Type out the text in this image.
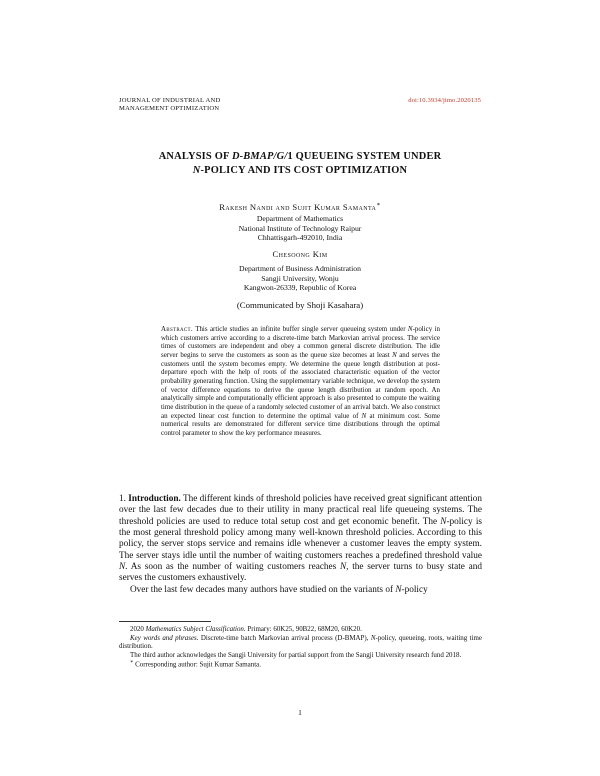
JOURNAL OF INDUSTRIAL AND
MANAGEMENT OPTIMIZATION
doi:10.3934/jimo.2020135
ANALYSIS OF D-BMAP/G/1 QUEUEING SYSTEM UNDER
N-POLICY AND ITS COST OPTIMIZATION
Rakesh Nandi and Sujit Kumar Samanta∗
Department of Mathematics
National Institute of Technology Raipur
Chhattisgarh-492010, India
Chesoong Kim
Department of Business Administration
Sangji University, Wonju
Kangwon-26339, Republic of Korea
(Communicated by Shoji Kasahara)
Abstract. This article studies an infinite buffer single server queueing system under N-policy in which customers arrive according to a discrete-time batch Markovian arrival process. The service times of customers are independent and obey a common general discrete distribution. The idle server begins to serve the customers as soon as the queue size becomes at least N and serves the customers until the system becomes empty. We determine the queue length distribution at post-departure epoch with the help of roots of the associated characteristic equation of the vector probability generating function. Using the supplementary variable technique, we develop the system of vector difference equations to derive the queue length distribution at random epoch. An analytically simple and computationally efficient approach is also presented to compute the waiting time distribution in the queue of a randomly selected customer of an arrival batch. We also construct an expected linear cost function to determine the optimal value of N at minimum cost. Some numerical results are demonstrated for different service time distributions through the optimal control parameter to show the key performance measures.

1. Introduction. The different kinds of threshold policies have received great significant attention over the last few decades due to their utility in many practical real life queueing systems. The threshold policies are used to reduce total setup cost and get economic benefit. The N-policy is the most general threshold policy among many well-known threshold policies. According to this policy, the server stops service and remains idle whenever a customer leaves the empty system. The server stays idle until the number of waiting customers reaches a predefined threshold value N. As soon as the number of waiting customers reaches N, the server turns to busy state and serves the customers exhaustively.

Over the last few decades many authors have studied on the variants of N-policy

2020 Mathematics Subject Classification. Primary: 60K25, 90B22, 68M20, 60K20.

Key words and phrases. Discrete-time batch Markovian arrival process (D-BMAP), N-policy, queueing, roots, waiting time distribution.

The third author acknowledges the Sangji University for partial support from the Sangji University research fund 2018.

∗ Corresponding author: Sujit Kumar Samanta.

1
